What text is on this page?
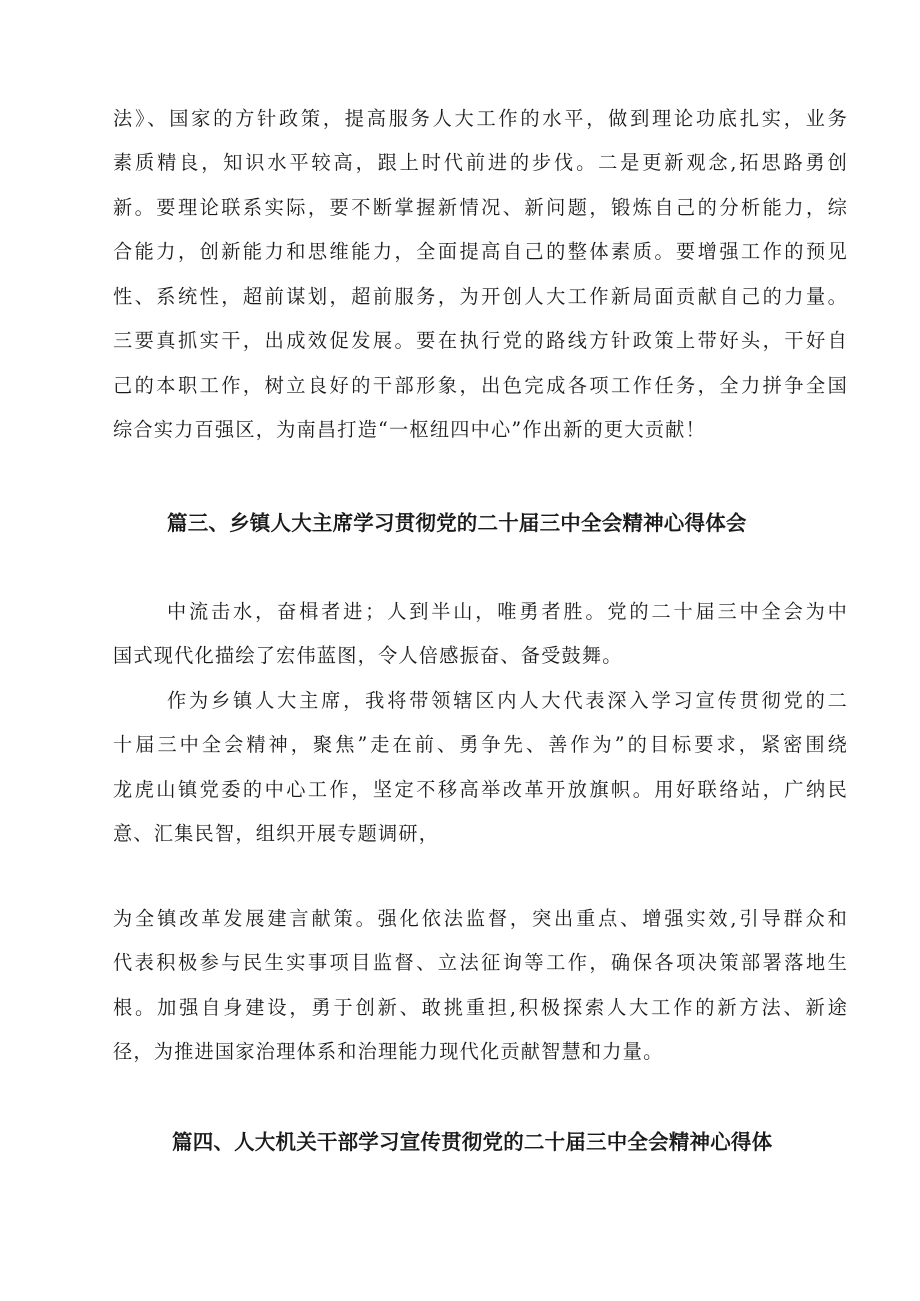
法》、国家的方针政策，提高服务人大工作的水平，做到理论功底扎实，业务
素质精良，知识水平较高，跟上时代前进的步伐。二是更新观念,拓思路勇创
新。要理论联系实际，要不断掌握新情况、新问题，锻炼自己的分析能力，综
合能力，创新能力和思维能力，全面提高自己的整体素质。要增强工作的预见
性、系统性，超前谋划，超前服务，为开创人大工作新局面贡献自己的力量。
三要真抓实干，出成效促发展。要在执行党的路线方针政策上带好头，干好自
己的本职工作，树立良好的干部形象，出色完成各项工作任务，全力拼争全国
综合实力百强区，为南昌打造“一枢纽四中心”作出新的更大贡献！
篇三、乡镇人大主席学习贯彻党的二十届三中全会精神心得体会
中流击水，奋楫者进；人到半山，唯勇者胜。党的二十届三中全会为中
国式现代化描绘了宏伟蓝图，令人倍感振奋、备受鼓舞。
作为乡镇人大主席，我将带领辖区内人大代表深入学习宣传贯彻党的二
十届三中全会精神，聚焦”走在前、勇争先、善作为”的目标要求，紧密围绕
龙虎山镇党委的中心工作，坚定不移高举改革开放旗帜。用好联络站，广纳民
意、汇集民智，组织开展专题调研，
为全镇改革发展建言献策。强化依法监督，突出重点、增强实效,引导群众和
代表积极参与民生实事项目监督、立法征询等工作，确保各项决策部署落地生
根。加强自身建设，勇于创新、敢挑重担,积极探索人大工作的新方法、新途
径，为推进国家治理体系和治理能力现代化贡献智慧和力量。
篇四、人大机关干部学习宣传贯彻党的二十届三中全会精神心得体
